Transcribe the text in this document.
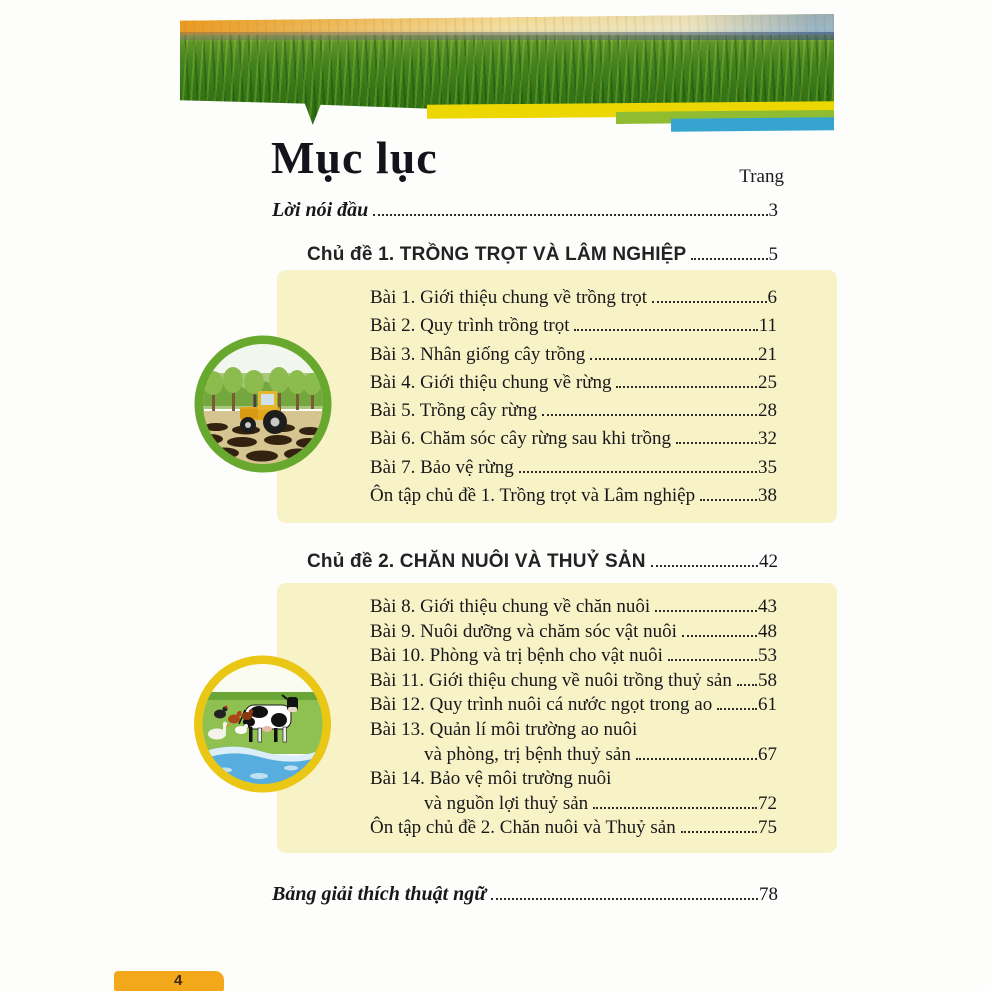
Mục lục	Trang
Lời nói đầu	3
Chủ đề 1. TRỒNG TRỌT VÀ LÂM NGHIỆP	5
Bài 1. Giới thiệu chung về trồng trọt	6
Bài 2. Quy trình trồng trọt	11
Bài 3. Nhân giống cây trồng	21
Bài 4. Giới thiệu chung về rừng	25
Bài 5. Trồng cây rừng	28
Bài 6. Chăm sóc cây rừng sau khi trồng	32
Bài 7. Bảo vệ rừng	35
Ôn tập chủ đề 1. Trồng trọt và Lâm nghiệp	38
Chủ đề 2. CHĂN NUÔI VÀ THUỶ SẢN	42
Bài 8. Giới thiệu chung về chăn nuôi	43
Bài 9. Nuôi dưỡng và chăm sóc vật nuôi	48
Bài 10. Phòng và trị bệnh cho vật nuôi	53
Bài 11. Giới thiệu chung về nuôi trồng thuỷ sản 58
Bài 12. Quy trình nuôi cá nước ngọt trong ao 61
Bài 13. Quản lí môi trường ao nuôi
và phòng, trị bệnh thuỷ sản	67
Bài 14. Bảo vệ môi trường nuôi
và nguồn lợi thuỷ sản	72
Ôn tập chủ đề 2. Chăn nuôi và Thuỷ sản	75
Bảng giải thích thuật ngữ	78
4
